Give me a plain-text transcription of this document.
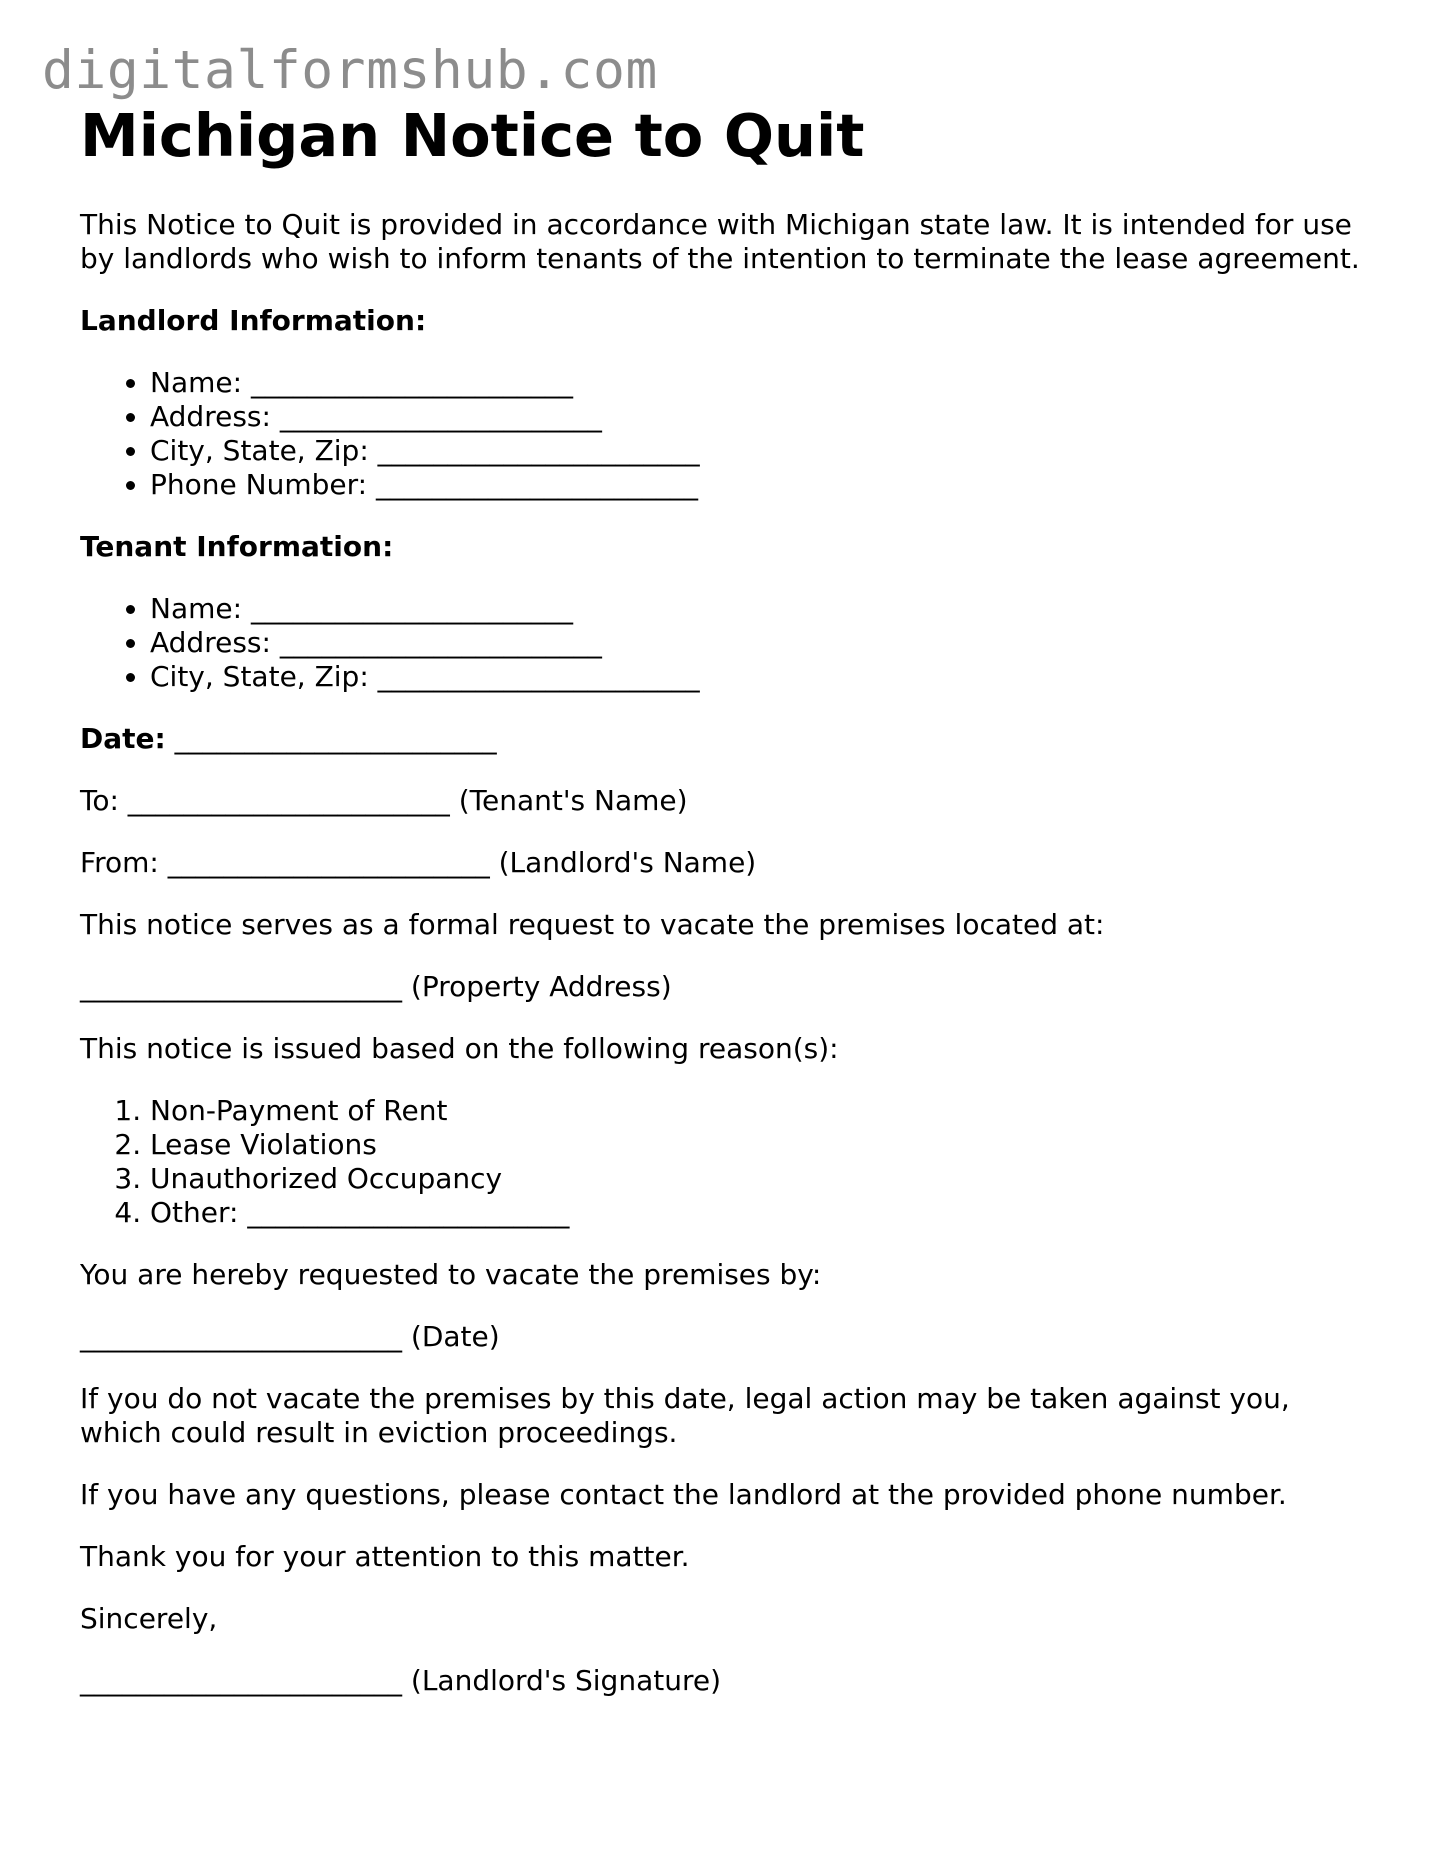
digitalformshub.com
Michigan Notice to Quit

This Notice to Quit is provided in accordance with Michigan state law. It is intended for use by landlords who wish to inform tenants of the intention to terminate the lease agreement.

Landlord Information:

• Name: _______________________
• Address: _______________________
• City, State, Zip: _______________________
• Phone Number: _______________________

Tenant Information:

• Name: _______________________
• Address: _______________________
• City, State, Zip: _______________________

Date: _______________________

To: _______________________ (Tenant's Name)

From: _______________________ (Landlord's Name)

This notice serves as a formal request to vacate the premises located at:

_______________________ (Property Address)

This notice is issued based on the following reason(s):

1. Non-Payment of Rent
2. Lease Violations
3. Unauthorized Occupancy
4. Other: _______________________

You are hereby requested to vacate the premises by:

_______________________ (Date)

If you do not vacate the premises by this date, legal action may be taken against you, which could result in eviction proceedings.

If you have any questions, please contact the landlord at the provided phone number.

Thank you for your attention to this matter.

Sincerely,

_______________________ (Landlord's Signature)
